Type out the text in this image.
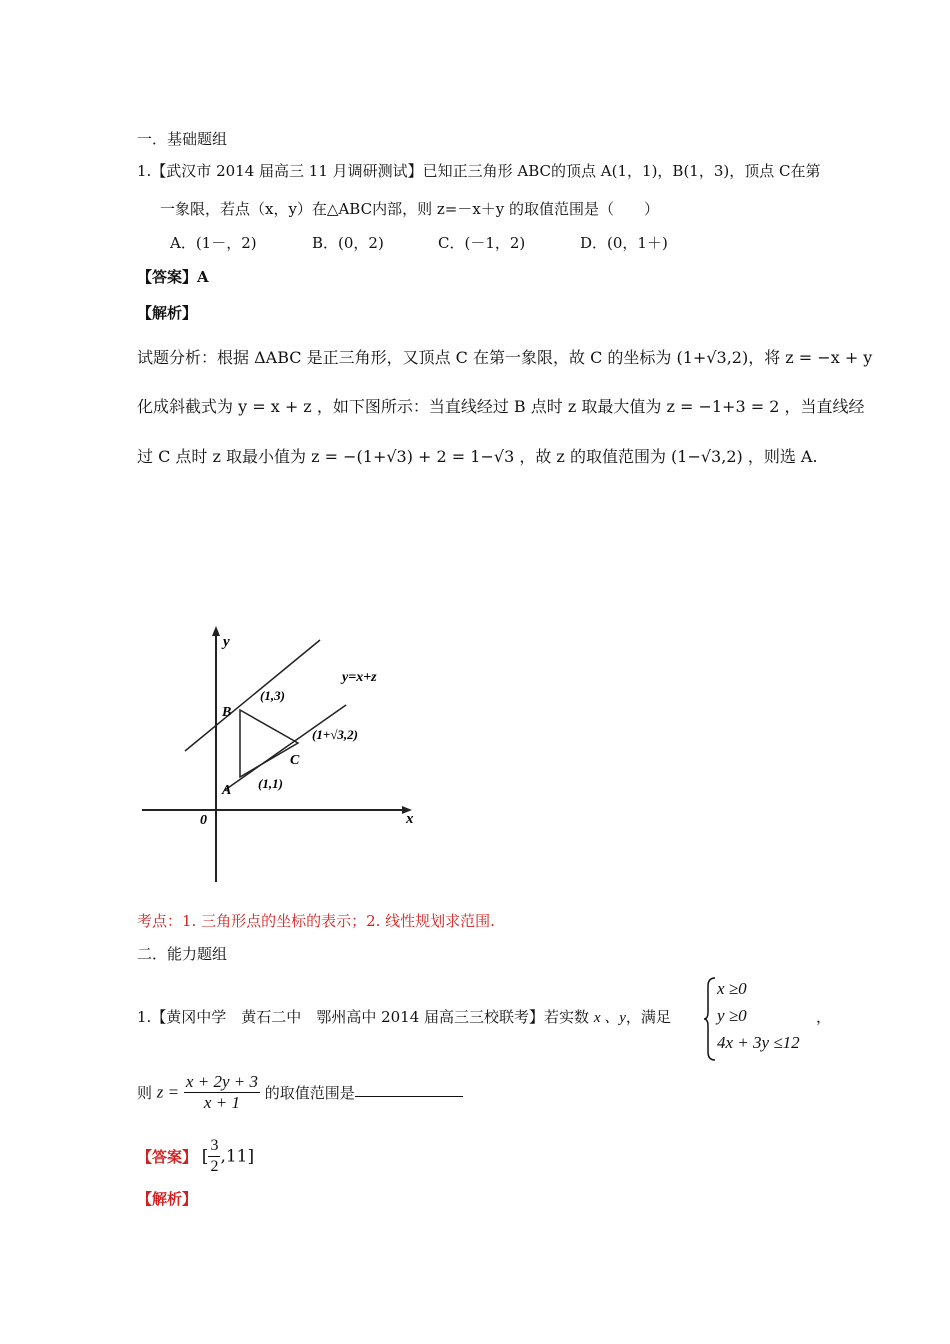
一．基础题组
1.【武汉市 2014 届高三 11 月调研测试】已知正三角形 ABC的顶点 A(1，1)，B(1，3)，顶点 C在第
一象限，若点（x，y）在△ABC内部，则 z=－x＋y 的取值范围是（　　）
A．(1－，2)	B．(0，2)	C．(－1，2)	D．(0，1＋)
【答案】A
【解析】
试题分析：根据 ΔABC 是正三角形，又顶点 C 在第一象限，故 C 的坐标为 (1+√3,2)，将 z = −x + y
化成斜截式为 y = x + z ，如下图所示：当直线经过 B 点时 z 取最大值为 z = −1+3 = 2 ，当直线经
过 C 点时 z 取最小值为 z = −(1+√3) + 2 = 1−√3 ，故 z 的取值范围为 (1−√3,2) ，则选 A.
y
x
0
y=x+z
B
(1,3)
C
(1+√3,2)
A (1,1)
考点：1. 三角形点的坐标的表示；2. 线性规划求范围.
二．能力题组
1.【黄冈中学　黄石二中　鄂州高中 2014 届高三三校联考】若实数 x 、y，满足
x ≥0
y ≥0
4x + 3y ≤12
，
则 $z = \frac{x + 2y + 3}{x + 1}$ 的取值范围是
【答案】 [ $\frac{3}{2} ,11$]
【解析】
